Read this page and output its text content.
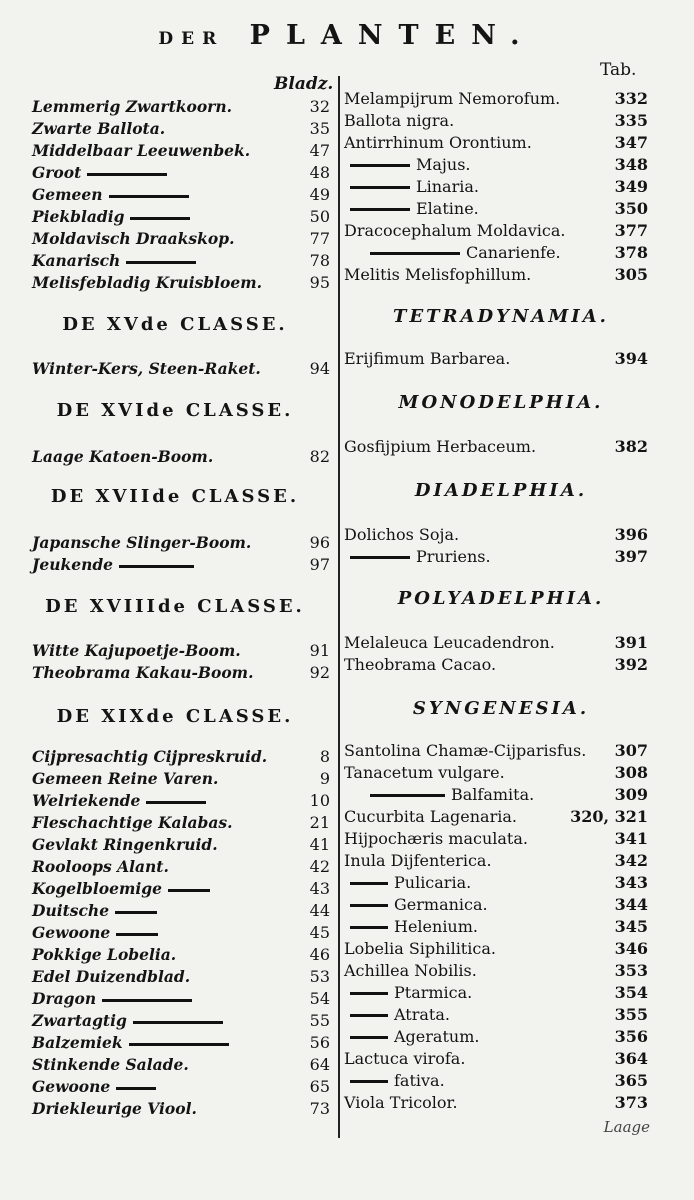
DER PLANTEN.
Bladz.
Tab.
Lemmerig Zwartkoorn.	32
Zwarte Ballota.	35
Middelbaar Leeuwenbek.	47
Groot	48
Gemeen	49
Piekbladig	50
Moldavisch Draakskop.	77
Kanarisch	78
Melisfebladig Kruisbloem.	95
DE XVde CLASSE.
Winter-Kers, Steen-Raket.	94
DE XVIde CLASSE.
Laage Katoen-Boom.	82
DE XVIIde CLASSE.
Japansche Slinger-Boom.	96
Jeukende	97
DE XVIIIde CLASSE.
Witte Kajupoetje-Boom.	91
Theobrama Kakau-Boom.	92
DE XIXde CLASSE.
Cijpresachtig Cijpreskruid.	8
Gemeen Reine Varen.	9
Welriekende	10
Fleschachtige Kalabas.	21
Gevlakt Ringenkruid.	41
Rooloops Alant.	42
Kogelbloemige	43
Duitsche	44
Gewoone	45
Pokkige Lobelia.	46
Edel Duizendblad.	53
Dragon	54
Zwartagtig	55
Balzemiek	56
Stinkende Salade.	64
Gewoone	65
Driekleurige Viool.	73
Melampijrum Nemorofum.	332
Ballota nigra.	335
Antirrhinum Orontium.	347
Majus.	348
Linaria.	349
Elatine.	350
Dracocephalum Moldavica.	377
Canarienfe.	378
Melitis Melisfophillum.	305
TETRADYNAMIA.
Erijfimum Barbarea.	394
MONODELPHIA.
Gosfijpium Herbaceum.	382
DIADELPHIA.
Dolichos Soja.	396
Pruriens.	397
POLYADELPHIA.
Melaleuca Leucadendron.	391
Theobrama Cacao.	392
SYNGENESIA.
Santolina Chamæ-Cijparisfus. 307
Tanacetum vulgare.	308
Balfamita.	309
Cucurbita Lagenaria.	320, 321
Hijpochæris maculata.	341
Inula Dijfenterica.	342
Pulicaria.	343
Germanica.	344
Helenium.	345
Lobelia Siphilitica.	346
Achillea Nobilis.	353
Ptarmica.	354
Atrata.	355
Ageratum.	356
Lactuca virofa.	364
fativa.	365
Viola Tricolor.	373
Laage
